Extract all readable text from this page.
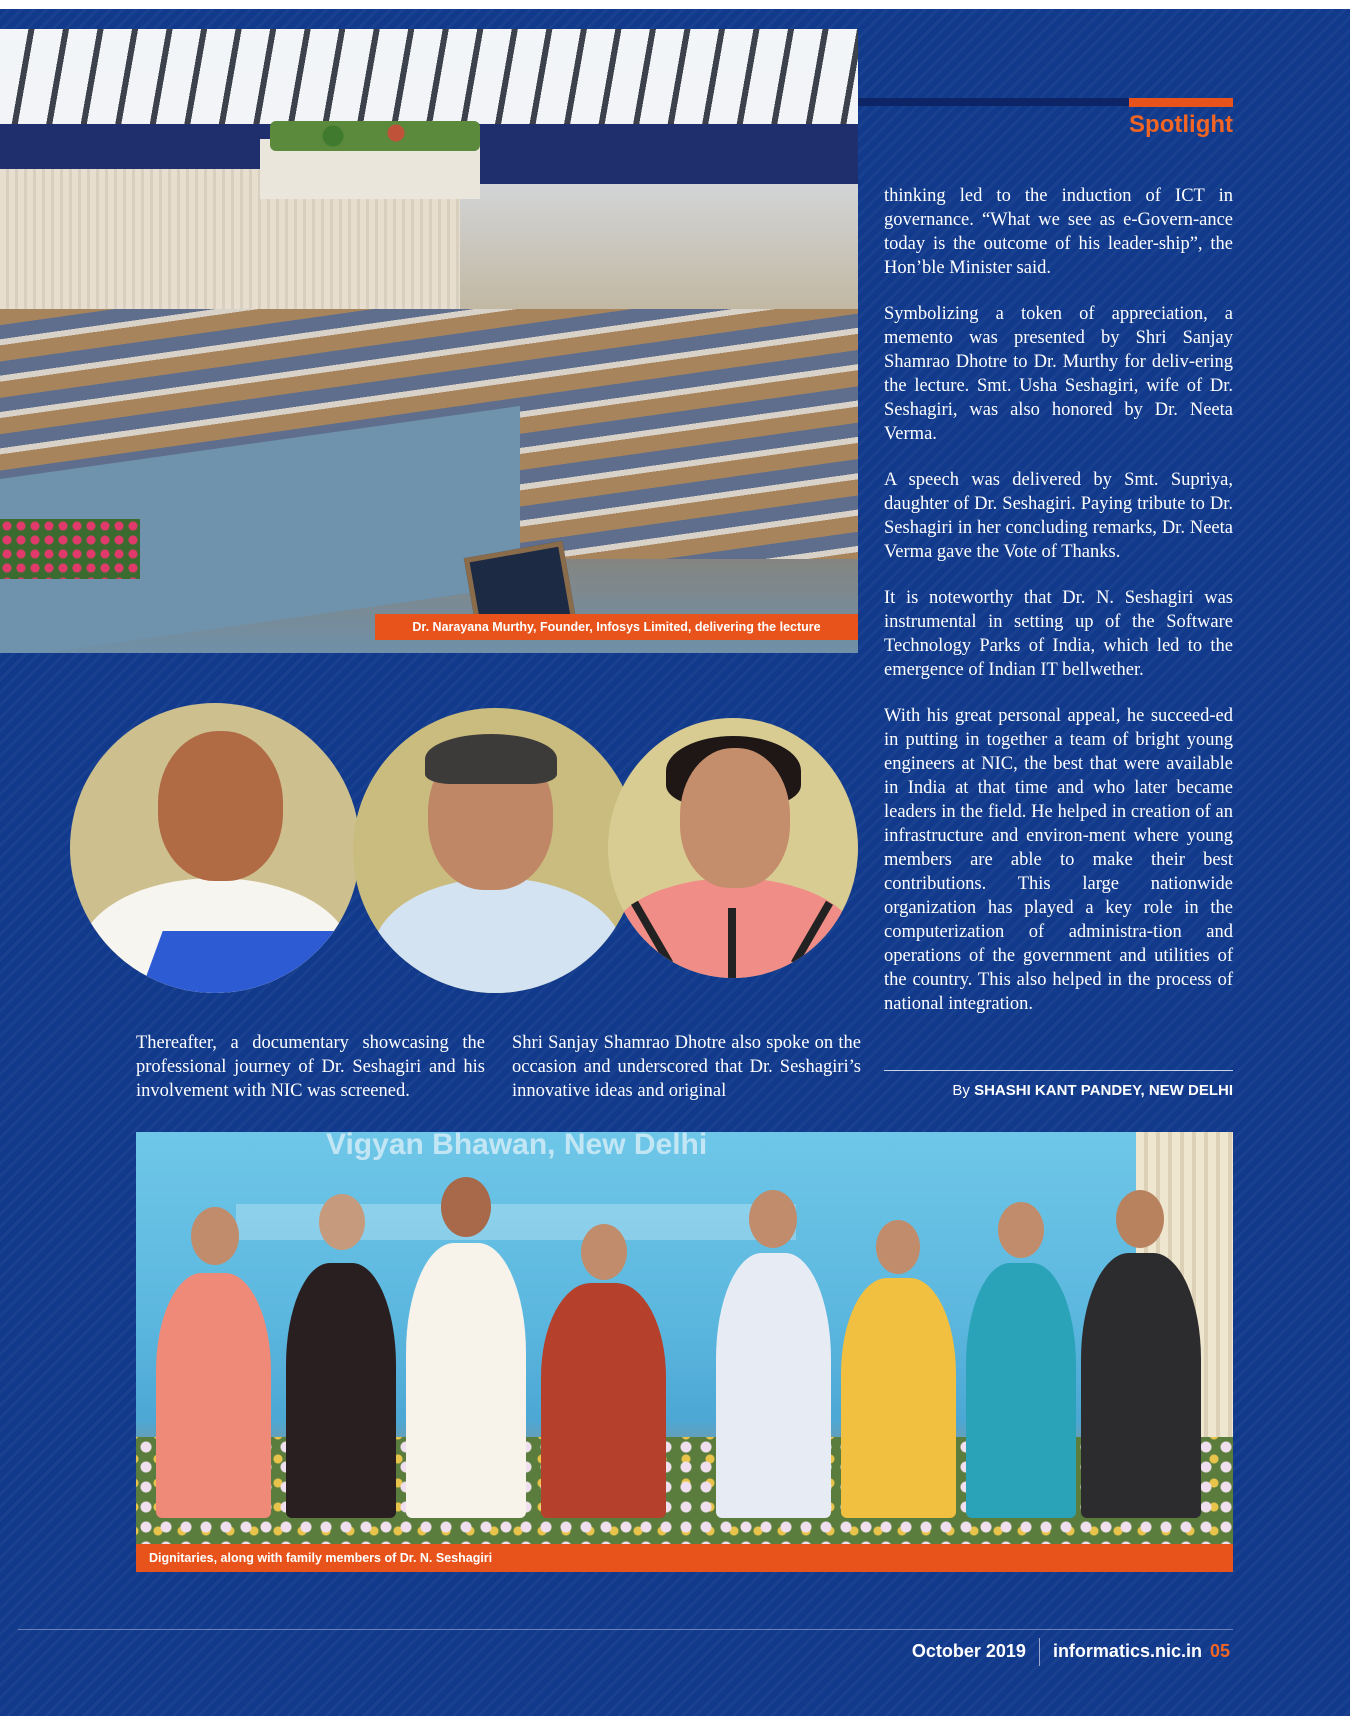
Dr. Narayana Murthy, Founder, Infosys Limited, delivering the lecture
Spotlight

thinking led to the induction of ICT in governance. “What we see as e-Govern-ance today is the outcome of his leader-ship”, the Hon’ble Minister said.

Symbolizing a token of appreciation, a memento was presented by Shri Sanjay Shamrao Dhotre to Dr. Murthy for deliv-ering the lecture. Smt. Usha Seshagiri, wife of Dr. Seshagiri, was also honored by Dr. Neeta Verma.

A speech was delivered by Smt. Supriya, daughter of Dr. Seshagiri. Paying tribute to Dr. Seshagiri in her concluding remarks, Dr. Neeta Verma gave the Vote of Thanks.

It is noteworthy that Dr. N. Seshagiri was instrumental in setting up of the Software Technology Parks of India, which led to the emergence of Indian IT bellwether.

With his great personal appeal, he succeed-ed in putting in together a team of bright young engineers at NIC, the best that were available in India at that time and who later became leaders in the field. He helped in creation of an infrastructure and environ-ment where young members are able to make their best contributions. This large nationwide organization has played a key role in the computerization of administra-tion and operations of the government and utilities of the country. This also helped in the process of national integration.

Thereafter, a documentary showcasing the professional journey of Dr. Seshagiri and his involvement with NIC was screened.
Shri Sanjay Shamrao Dhotre also spoke on the occasion and underscored that Dr. Seshagiri’s innovative ideas and original	By SHASHI KANT PANDEY, NEW DELHI
Vigyan Bhawan, New Delhi
Dignitaries, along with family members of Dr. N. Seshagiri
October 2019 informatics.nic.in 05
